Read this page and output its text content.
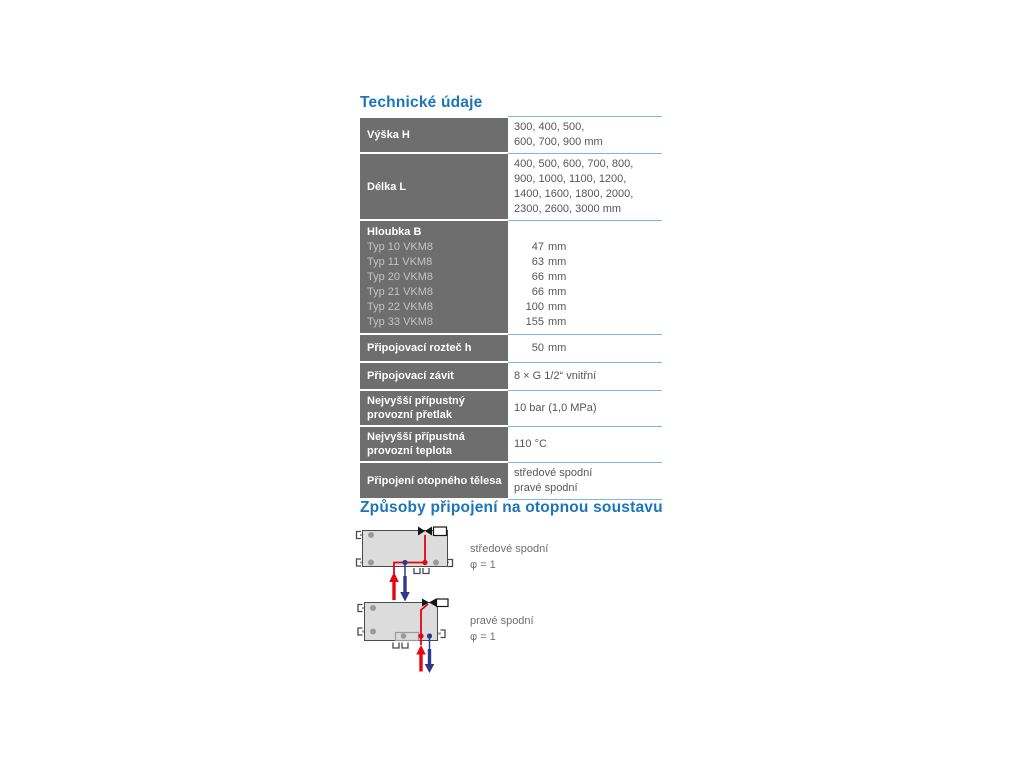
Technické údaje
Výška H
300, 400, 500,
600, 700, 900 mm
Délka L
400, 500, 600, 700, 800,
900, 1000, 1100, 1200,
1400, 1600, 1800, 2000,
2300, 2600, 3000 mm
Hloubka B
Typ 10 VKM8
Typ 11 VKM8
Typ 20 VKM8
Typ 21 VKM8
Typ 22 VKM8
Typ 33 VKM8
47 mm
63 mm
66 mm
66 mm
100 mm
155 mm
Připojovací rozteč h	50 mm
Připojovací závit	8 × G 1/2“ vnitřní
Nejvyšší přípustný provozní přetlak
10 bar (1,0 MPa)
Nejvyšší přípustná provozní teplota
110 °C
Připojení otopného tělesa
středové spodní
pravé spodní
Způsoby připojení na otopnou soustavu
středové spodní
φ = 1
pravé spodní
φ = 1
